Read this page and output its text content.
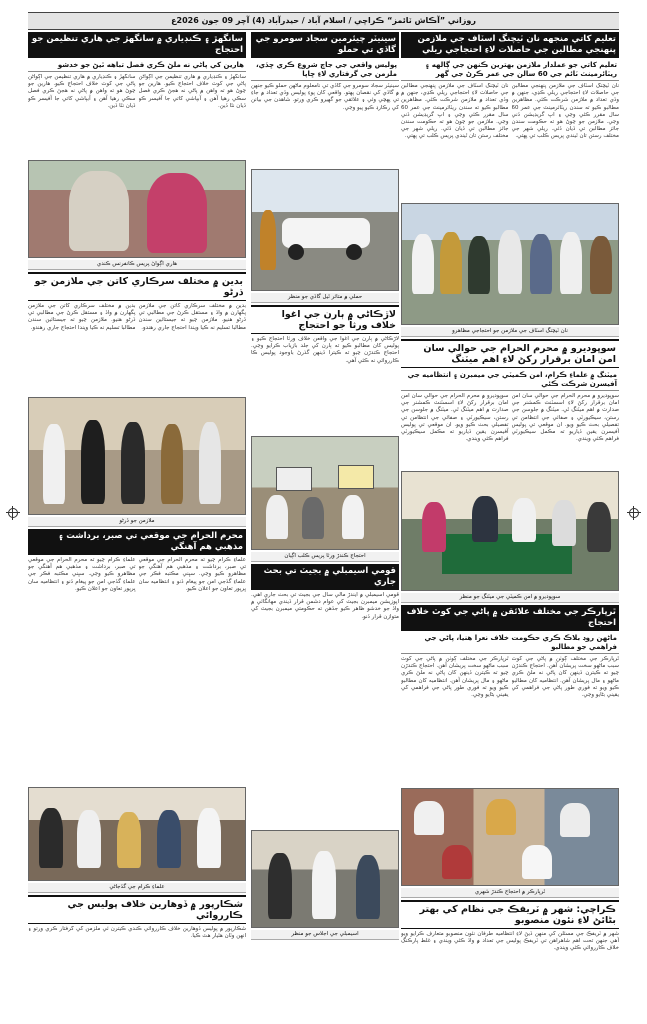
روزاني ”آڪاش ٽائمز“ ڪراچي / اسلام آباد / حيدرآباد (4) آچر 09 جون 2026ع
تعليم کاتي منجهه نان ٽيچنگ اسٽاف جي ملازمن پنهنجي مطالبن جي حاصلات لاءِ احتجاجي ريلي
تعليم کاتي جو عملدار ملازمن بهترين ڪنهن جي ڳالهه ۽ ريٽائرمينٽ ٽائم جي 60 سالن جي عمر ڪرڻ جي گهر
نان ٽيچنگ اسٽاف جي ملازمن پنهنجي مطالبن جي حاصلات لاءِ احتجاجي ريلي ڪڍي، جنهن ۾ وڏي تعداد ۾ ملازمن شرڪت ڪئي. مظاهرين مطالبو ڪيو ته سندن ريٽائرمينٽ جي عمر 60 سال مقرر ڪئي وڃي ۽ اپ گريڊيشن ڏني وڃي. ملازمن جو چوڻ هو ته حڪومت سندن جائز مطالبن تي ڌيان ڏئي. ريلي شهر جي مختلف رستن تان ٿيندي پريس ڪلب تي پهتي.
نان ٽيچنگ اسٽاف جي ملازمن پنهنجي مطالبن جي حاصلات لاءِ احتجاجي ريلي ڪڍي، جنهن ۾ وڏي تعداد ۾ ملازمن شرڪت ڪئي. مظاهرين مطالبو ڪيو ته سندن ريٽائرمينٽ جي عمر 60 سال مقرر ڪئي وڃي ۽ اپ گريڊيشن ڏني وڃي. ملازمن جو چوڻ هو ته حڪومت سندن جائز مطالبن تي ڌيان ڏئي. ريلي شهر جي مختلف رستن تان ٿيندي پريس ڪلب تي پهتي.
نان ٽيچنگ اسٽاف جي ملازمن جو احتجاجي مظاهرو
سوڀوديرو ۾ محرم الحرام جي حوالي سان امن امان برقرار رکڻ لاءِ اهم ميٽنگ
ميٽنگ ۾ علماءِ ڪرام، امن ڪميٽي جي ميمبرن ۽ انتظاميه جي آفيسرن شرڪت ڪئي
سوڀوديرو ۾ محرم الحرام جي حوالي سان امن امان برقرار رکڻ لاءِ اسسٽنٽ ڪمشنر جي صدارت ۾ اهم ميٽنگ ٿي. ميٽنگ ۾ جلوسن جي رستن، سيڪيورٽي ۽ صفائي جي انتظامن تي تفصيلي بحث ڪيو ويو. ان موقعي تي پوليس آفيسرن يقين ڏياريو ته مڪمل سيڪيورٽي فراهم ڪئي ويندي.
سوڀوديرو ۾ محرم الحرام جي حوالي سان امن امان برقرار رکڻ لاءِ اسسٽنٽ ڪمشنر جي صدارت ۾ اهم ميٽنگ ٿي. ميٽنگ ۾ جلوسن جي رستن، سيڪيورٽي ۽ صفائي جي انتظامن تي تفصيلي بحث ڪيو ويو. ان موقعي تي پوليس آفيسرن يقين ڏياريو ته مڪمل سيڪيورٽي فراهم ڪئي ويندي.
سوڀوديرو ۾ امن ڪميٽي جي ميٽنگ جو منظر
ٿرپارڪر جي مختلف علائقن ۾ پاڻي جي کوٽ خلاف احتجاج
ماڻهن روڊ بلاڪ ڪري حڪومت خلاف نعرا هنيا، پاڻي جي فراهمي جو مطالبو
ٿرپارڪر جي مختلف ڳوٺن ۾ پاڻي جي کوٽ سبب ماڻهو سخت پريشان آهن. احتجاج ڪندڙن چيو ته ڪيترن ڏينهن کان پاڻي نه ملڻ ڪري ماڻهو ۽ مال پريشان آهن. انتظاميه کان مطالبو ڪيو ويو ته فوري طور پاڻي جي فراهمي کي يقيني بڻايو وڃي.
ٿرپارڪر جي مختلف ڳوٺن ۾ پاڻي جي کوٽ سبب ماڻهو سخت پريشان آهن. احتجاج ڪندڙن چيو ته ڪيترن ڏينهن کان پاڻي نه ملڻ ڪري ماڻهو ۽ مال پريشان آهن. انتظاميه کان مطالبو ڪيو ويو ته فوري طور پاڻي جي فراهمي کي يقيني بڻايو وڃي.
ٿرپارڪر ۾ احتجاج ڪندڙ شهري
ڪراچي: شهر ۾ ٽريفڪ جي نظام کي بهتر بڻائڻ لاءِ نئون منصوبو
شهر ۾ ٽريفڪ جي مسئلن کي منهن ڏيڻ لاءِ انتظاميه طرفان نئون منصوبو متعارف ڪرايو ويو آهي جنهن تحت اهم شاهراهن تي ٽريفڪ پوليس جي تعداد ۾ واڌ ڪئي ويندي ۽ غلط پارڪنگ خلاف ڪارروائي ڪئي ويندي.
سينيٽر چيئرمين سجاد سومرو جي گاڏي تي حملو
پوليس واقعي جي جاچ شروع ڪري ڇڏي، ملزمن جي گرفتاري لاءِ ڇاپا
سينيٽر سجاد سومرو جي گاڏي تي نامعلوم ماڻهن حملو ڪيو جنهن ۾ گاڏي کي نقصان پهتو. واقعي کان پوءِ پوليس وڏي تعداد ۾ جاءِ تي پهچي وئي ۽ علائقي جو گهيرو ڪري ورتو. شاهدن جي بيانن کي رڪارڊ ڪيو پيو وڃي.
حملي ۾ متاثر ٿيل گاڏي جو منظر
لاڙڪاڻي ۾ ٻارن جي اغوا خلاف ورثا جو احتجاج
لاڙڪاڻي ۾ ٻارن جي اغوا جي واقعن خلاف ورثا احتجاج ڪيو ۽ پوليس کان مطالبو ڪيو ته ٻارن کي جلد بازياب ڪرايو وڃي. احتجاج ڪندڙن چيو ته ڪيترا ڏينهن گذرڻ باوجود پوليس ڪا ڪارروائي نه ڪئي آهي.
احتجاج ڪندڙ ورثا پريس ڪلب اڳيان
قومي اسيمبلي ۾ بجيٽ تي بحث جاري
قومي اسيمبلي ۾ ايندڙ مالي سال جي بجيٽ تي بحث جاري آهي. اپوزيشن ميمبرن بجيٽ کي عوام دشمن قرار ڏيندي مهانگائي ۾ واڌ جو خدشو ظاهر ڪيو جڏهن ته حڪومتي ميمبرن بجيٽ کي متوازن قرار ڏنو.
اسيمبلي جي اجلاس جو منظر
سانگهڙ ۽ ڪنڊياري ۾ سانگهڙ جي هاري تنظيمن جو احتجاج
هارين کي پاڻي نه ملڻ ڪري فصل تباهه ٿيڻ جو خدشو
سانگهڙ ۽ ڪنڊياري ۾ هاري تنظيمن جي اڳواڻن پاڻي جي کوٽ خلاف احتجاج ڪيو. هارين جو چوڻ هو ته واهن ۾ پاڻي نه هجڻ ڪري فصل سڪي رهيا آهن ۽ آبپاشي کاتي جا آفيسر ڪو ڌيان نٿا ڏين.
سانگهڙ ۽ ڪنڊياري ۾ هاري تنظيمن جي اڳواڻن پاڻي جي کوٽ خلاف احتجاج ڪيو. هارين جو چوڻ هو ته واهن ۾ پاڻي نه هجڻ ڪري فصل سڪي رهيا آهن ۽ آبپاشي کاتي جا آفيسر ڪو ڌيان نٿا ڏين.
هاري اڳواڻ پريس ڪانفرنس ڪندي
بدين ۾ مختلف سرڪاري کاتن جي ملازمن جو ڌرڻو
بدين ۾ مختلف سرڪاري کاتن جي ملازمن پگهارن ۾ واڌ ۽ مستقل ڪرڻ جي مطالبي تي ڌرڻو هنيو. ملازمن چيو ته جيستائين سندن مطالبا تسليم نه ڪيا ويندا احتجاج جاري رهندو.
بدين ۾ مختلف سرڪاري کاتن جي ملازمن پگهارن ۾ واڌ ۽ مستقل ڪرڻ جي مطالبي تي ڌرڻو هنيو. ملازمن چيو ته جيستائين سندن مطالبا تسليم نه ڪيا ويندا احتجاج جاري رهندو.
ملازمن جو ڌرڻو
محرم الحرام جي موقعي تي صبر، برداشت ۽ مذهبي هم آهنگي
علماءِ ڪرام چيو ته محرم الحرام جي موقعي تي صبر، برداشت ۽ مذهبي هم آهنگي جو مظاهرو ڪيو وڃي. سڀني مڪتبه فڪر جي علماءِ گڏجي امن جو پيغام ڏنو ۽ انتظاميه سان ڀرپور تعاون جو اعلان ڪيو.
علماءِ ڪرام چيو ته محرم الحرام جي موقعي تي صبر، برداشت ۽ مذهبي هم آهنگي جو مظاهرو ڪيو وڃي. سڀني مڪتبه فڪر جي علماءِ گڏجي امن جو پيغام ڏنو ۽ انتظاميه سان ڀرپور تعاون جو اعلان ڪيو.
علماءِ ڪرام جي گڏجاڻي
شڪارپور ۾ ڏوهارين خلاف پوليس جي ڪارروائي
شڪارپور ۾ پوليس ڏوهارين خلاف ڪارروائي ڪندي ڪيترن ئي ملزمن کي گرفتار ڪري ورتو ۽ انهن وٽان هٿيار هٿ ڪيا.
